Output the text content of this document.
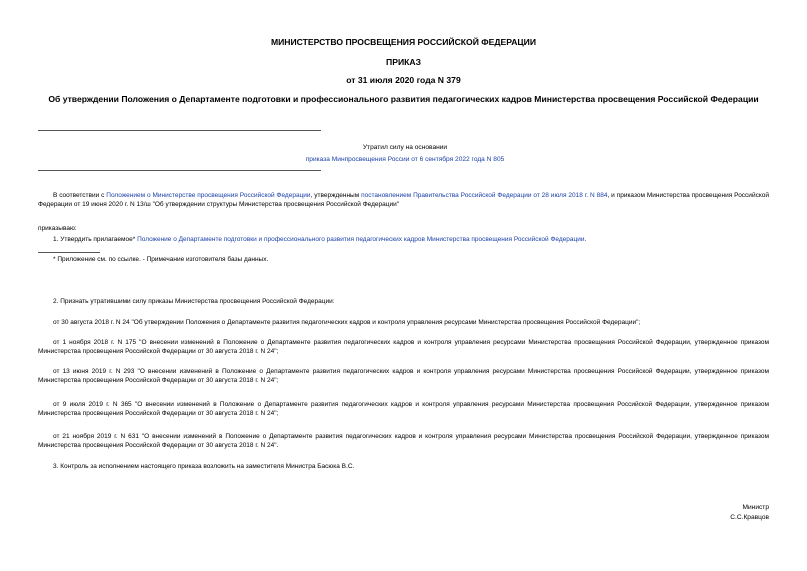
МИНИСТЕРСТВО ПРОСВЕЩЕНИЯ РОССИЙСКОЙ ФЕДЕРАЦИИ
ПРИКАЗ
от 31 июля 2020 года N 379
Об утверждении Положения о Департаменте подготовки и профессионального развития педагогических кадров Министерства просвещения Российской Федерации
Утратил силу на основании
приказа Минпросвещения России от 6 сентября 2022 года N 805
В соответствии с Положением о Министерстве просвещения Российской Федерации, утвержденным постановлением Правительства Российской Федерации от 28 июля 2018 г. N 884, и приказом Министерства просвещения Российской Федерации от 19 июня 2020 г. N 13/ш "Об утверждении структуры Министерства просвещения Российской Федерации"
приказываю:
1. Утвердить прилагаемое* Положение о Департаменте подготовки и профессионального развития педагогических кадров Министерства просвещения Российской Федерации.
* Приложение см. по ссылке. - Примечание изготовителя базы данных.
2. Признать утратившими силу приказы Министерства просвещения Российской Федерации:
от 30 августа 2018 г. N 24 "Об утверждении Положения о Департаменте развития педагогических кадров и контроля управления ресурсами Министерства просвещения Российской Федерации";
от 1 ноября 2018 г. N 175 "О внесении изменений в Положение о Департаменте развития педагогических кадров и контроля управления ресурсами Министерства просвещения Российской Федерации, утвержденное приказом Министерства просвещения Российской Федерации от 30 августа 2018 г. N 24";
от 13 июня 2019 г. N 293 "О внесении изменений в Положение о Департаменте развития педагогических кадров и контроля управления ресурсами Министерства просвещения Российской Федерации, утвержденное приказом Министерства просвещения Российской Федерации от 30 августа 2018 г. N 24";
от 9 июля 2019 г. N 365 "О внесении изменений в Положение о Департаменте развития педагогических кадров и контроля управления ресурсами Министерства просвещения Российской Федерации, утвержденное приказом Министерства просвещения Российской Федерации от 30 августа 2018 г. N 24";
от 21 ноября 2019 г. N 631 "О внесении изменений в Положение о Департаменте развития педагогических кадров и контроля управления ресурсами Министерства просвещения Российской Федерации, утвержденное приказом Министерства просвещения Российской Федерации от 30 августа 2018 г. N 24".
3. Контроль за исполнением настоящего приказа возложить на заместителя Министра Басюка В.С.
Министр
С.С.Кравцов
